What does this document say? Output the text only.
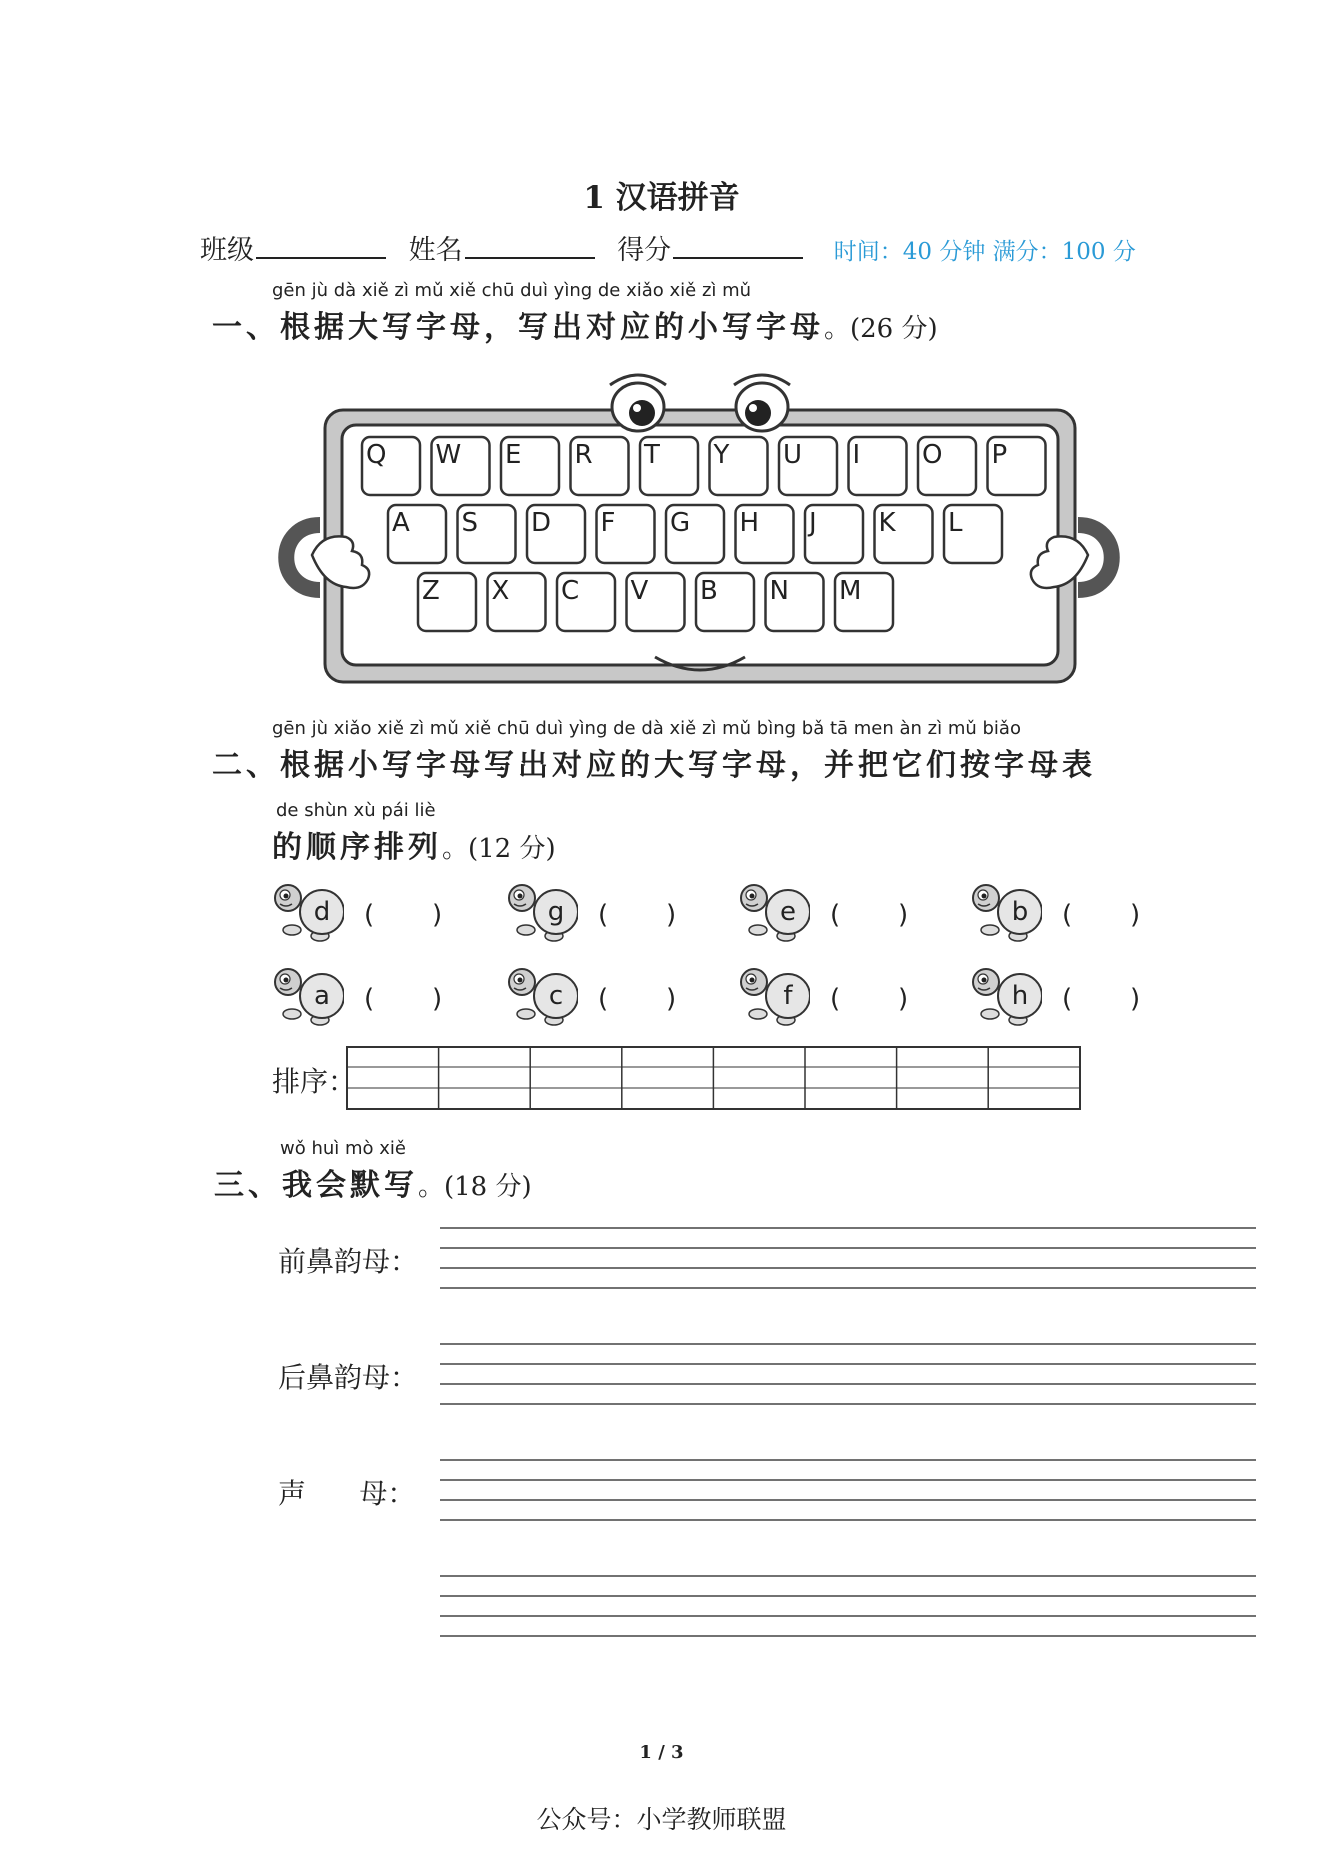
1 汉语拼音
班级	姓名	得分	时间：40 分钟 满分：100 分
gēn jù dà xiě zì mǔ xiě chū duì yìng de xiǎo xiě zì mǔ
一、根据大写字母，写出对应的小写字母。(26 分)
Q W E R T Y U I O P
A S D F G H J K L
Z X C V B N M
gēn jù xiǎo xiě zì mǔ xiě chū duì yìng de dà xiě zì mǔ bìng bǎ tā men àn zì mǔ biǎo
二、根据小写字母写出对应的大写字母，并把它们按字母表
de shùn xù pái liè
的顺序排列。(12 分)
d (       )	g (       )	e (       )	b (       )
a (       )	c (       )	f (       )	h (       )
排序：
wǒ huì mò xiě
三、我会默写。(18 分)
前鼻韵母：
后鼻韵母：
声      母：
1 / 3
公众号：小学教师联盟
